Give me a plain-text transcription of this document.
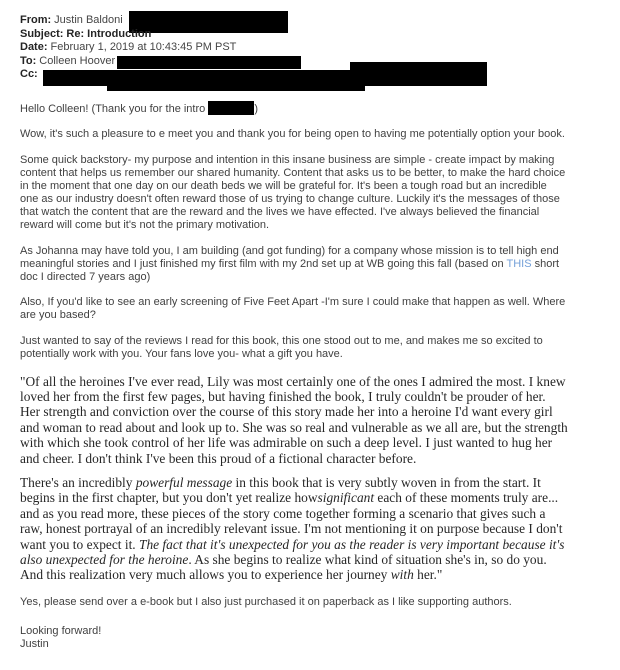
From: Justin Baldoni
Subject: Re: Introduction
Date: February 1, 2019 at 10:43:45 PM PST
To: Colleen Hoover
Cc:

Hello Colleen! (Thank you for the intro	)

Wow, it's such a pleasure to e meet you and thank you for being open to having me potentially option your book.

Some quick backstory- my purpose and intention in this insane business are simple - create impact by making content that helps us remember our shared humanity. Content that asks us to be better, to make the hard choice in the moment that one day on our death beds we will be grateful for. It's been a tough road but an incredible one as our industry doesn't often reward those of us trying to change culture. Luckily it's the messages of those that watch the content that are the reward and the lives we have effected. I've always believed the financial reward will come but it's not the primary motivation.

As Johanna may have told you, I am building (and got funding) for a company whose mission is to tell high end meaningful stories and I just finished my first film with my 2nd set up at WB going this fall (based on THIS short doc I directed 7 years ago)

Also, If you'd like to see an early screening of Five Feet Apart -I'm sure I could make that happen as well. Where are you based?

Just wanted to say of the reviews I read for this book, this one stood out to me, and makes me so excited to potentially work with you. Your fans love you- what a gift you have.

"Of all the heroines I've ever read, Lily was most certainly one of the ones I admired the most. I knew loved her from the first few pages, but having finished the book, I truly couldn't be prouder of her. Her strength and conviction over the course of this story made her into a heroine I'd want every girl and woman to read about and look up to. She was so real and vulnerable as we all are, but the strength with which she took control of her life was admirable on such a deep level. I just wanted to hug her and cheer. I don't think I've been this proud of a fictional character before.

There's an incredibly powerful message in this book that is very subtly woven in from the start. It begins in the first chapter, but you don't yet realize howsignificant each of these moments truly are... and as you read more, these pieces of the story come together forming a scenario that gives such a raw, honest portrayal of an incredibly relevant issue. I'm not mentioning it on purpose because I don't want you to expect it. The fact that it's unexpected for you as the reader is very important because it's also unexpected for the heroine. As she begins to realize what kind of situation she's in, so do you. And this realization very much allows you to experience her journey with her."

Yes, please send over a e-book but I also just purchased it on paperback as I like supporting authors.

Looking forward!

Justin
